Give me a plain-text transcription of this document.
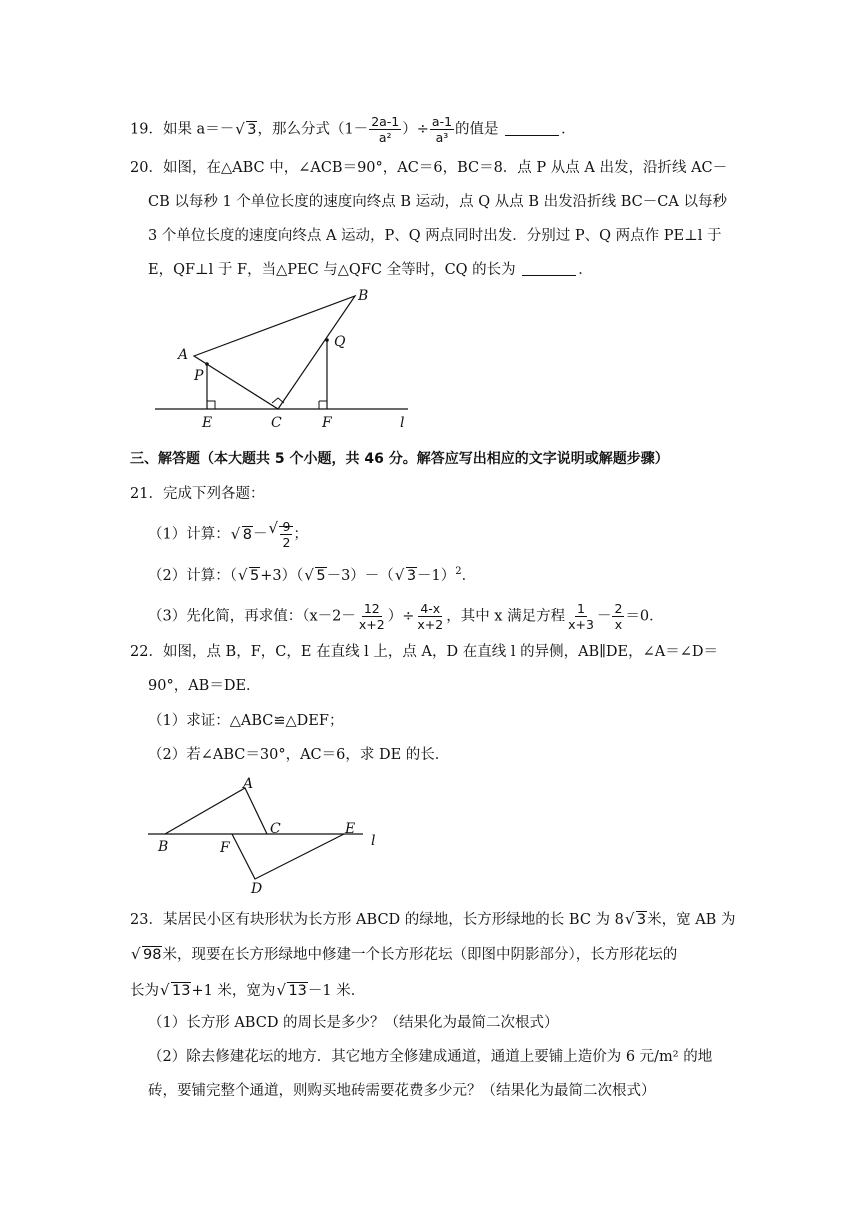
19．如果 a＝－ √ 3，那么分式（$1- \frac{2a-1}{\text{a²}}$ ）÷ $\frac{a-1}{\text{a³}}$ 的值是	．
20．如图，在△ABC 中，∠ACB＝90°，AC＝6，BC＝8．点 P 从点 A 出发，沿折线 AC－
CB 以每秒 1 个单位长度的速度向终点 B 运动，点 Q 从点 B 出发沿折线 BC－CA 以每秒
3 个单位长度的速度向终点 A 运动，P、Q 两点同时出发．分别过 P、Q 两点作 PE⊥l 于
E，QF⊥l 于 F，当△PEC 与△QFC 全等时，CQ 的长为	．
A
B
P
Q
E	C	F	l
三、解答题（本大题共 5 个小题，共 46 分。解答应写出相应的文字说明或解题步骤）
21．完成下列各题：
（1）计算： √ 8－ √ $\frac{9}{2}$ ；
（2）计算：（ √ 5+3）（ √ 5－3）－（ √ 3－1）$^2$．
（3）先化简，再求值：（$x-2- \frac{12}{x+2}$ ）÷ $\frac{4-x}{x+2}$ ，其中 x 满足方程 $\frac{1}{x+3} - \frac{2}{x} =0$．
22．如图，点 B，F，C，E 在直线 l 上，点 A，D 在直线 l 的异侧，AB∥DE，∠A＝∠D＝
90°，AB＝DE．
（1）求证：△ABC≌△DEF；
（2）若∠ABC＝30°，AC＝6，求 DE 的长．
A
B
C	E
F
D
l
23．某居民小区有块形状为长方形 ABCD 的绿地，长方形绿地的长 BC 为 8 √ 3米，宽 AB 为
√ 98米，现要在长方形绿地中修建一个长方形花坛（即图中阴影部分），长方形花坛的
长为 √ 13+1 米，宽为 √ 13－1 米．
（1）长方形 ABCD 的周长是多少？（结果化为最简二次根式）
（2）除去修建花坛的地方．其它地方全修建成通道，通道上要铺上造价为 6 元/m² 的地
砖，要铺完整个通道，则购买地砖需要花费多少元？（结果化为最简二次根式）
